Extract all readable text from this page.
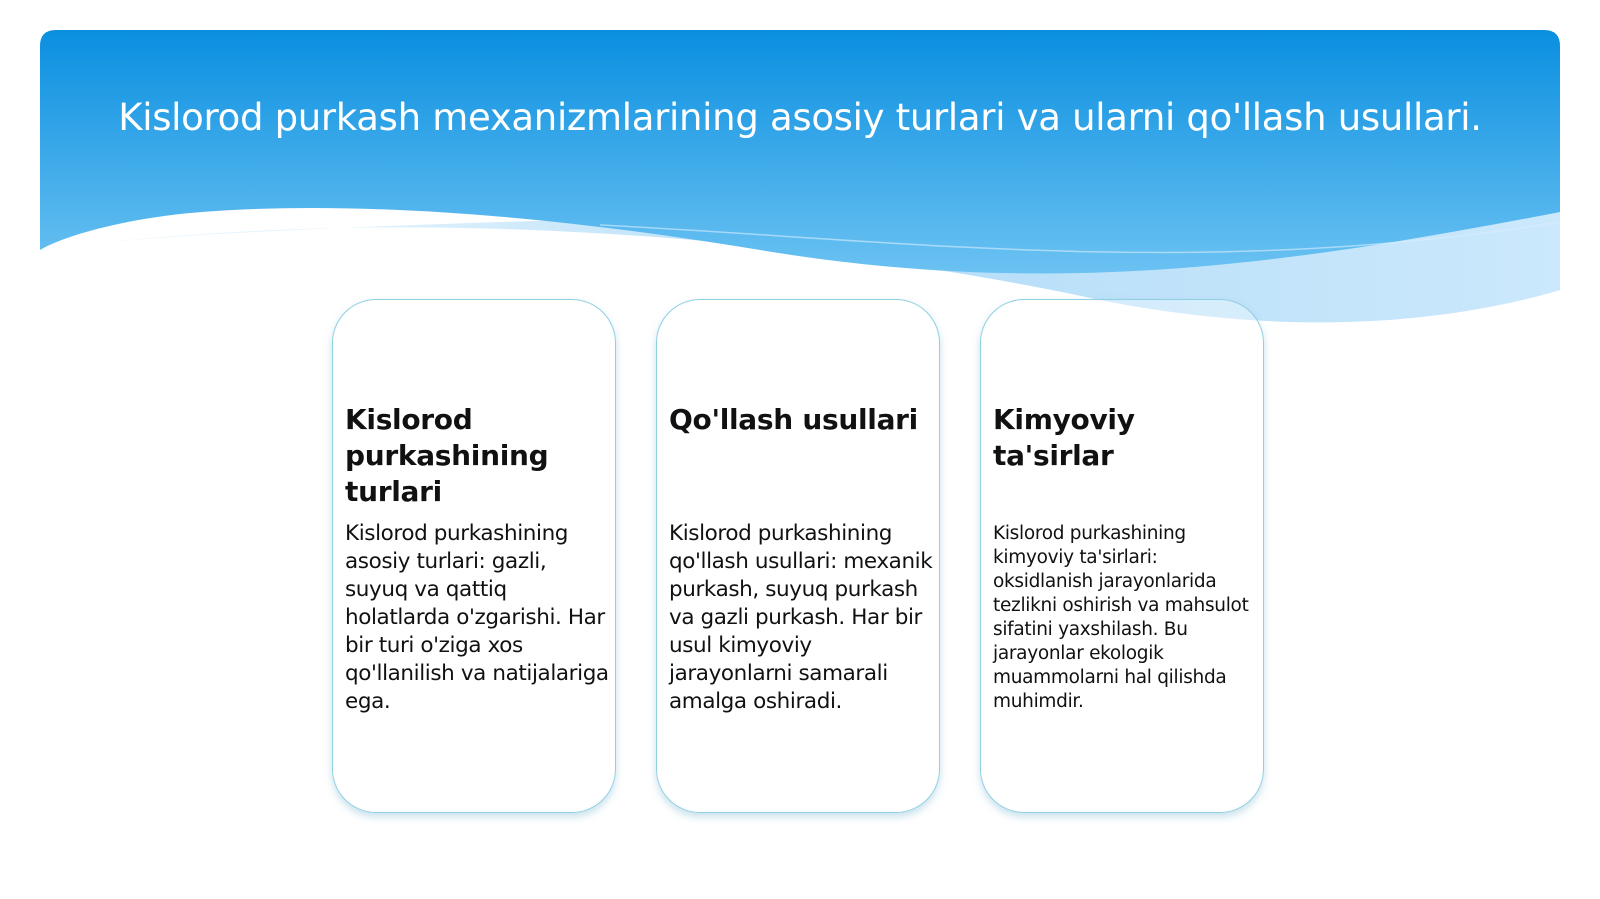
Kislorod purkash mexanizmlarining asosiy turlari va ularni qo'llash usullari.
Kislorod purkashining turlari

Kislorod purkashining asosiy turlari: gazli, suyuq va qattiq holatlarda o'zgarishi. Har bir turi o'ziga xos qo'llanilish va natijalariga ega.

Qo'llash usullari

Kislorod purkashining qo'llash usullari: mexanik purkash, suyuq purkash va gazli purkash. Har bir usul kimyoviy jarayonlarni samarali amalga oshiradi.

Kimyoviy ta'sirlar

Kislorod purkashining kimyoviy ta'sirlari: oksidlanish jarayonlarida tezlikni oshirish va mahsulot sifatini yaxshilash. Bu jarayonlar ekologik muammolarni hal qilishda muhimdir.
